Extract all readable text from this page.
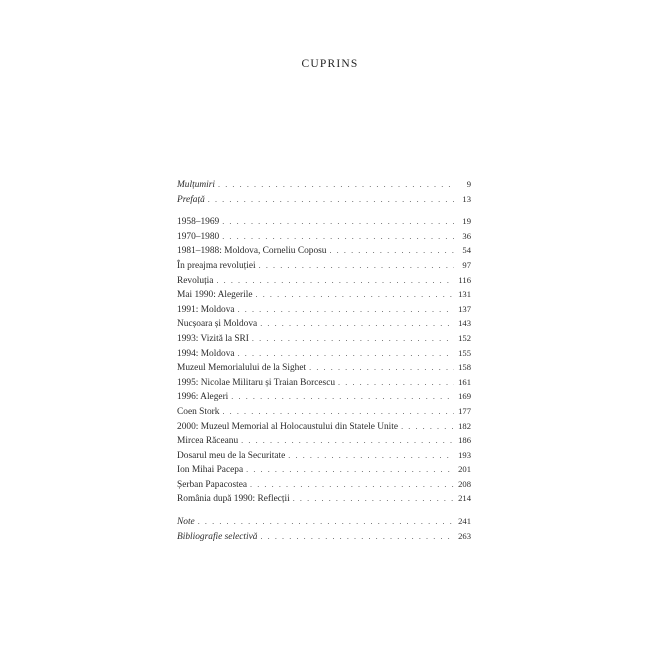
CUPRINS
Mulțumiri . . .	9
Prefață . . .	13
1958–1969 . . .	19
1970–1980 . . .	36
1981–1988: Moldova, Corneliu Coposu . . .	54
În preajma revoluției . . .	97
Revoluția . . .	116
Mai 1990: Alegerile . . .	131
1991: Moldova . . .	137
Nucșoara și Moldova . . .	143
1993: Vizită la SRI . . .	152
1994: Moldova . . .	155
Muzeul Memorialului de la Sighet . . .	158
1995: Nicolae Militaru și Traian Borcescu . . .	161
1996: Alegeri . . .	169
Coen Stork . . .	177
2000: Muzeul Memorial al Holocaustului din Statele Unite . . .	182
Mircea Răceanu . . .	186
Dosarul meu de la Securitate . . .	193
Ion Mihai Pacepa . . .	201
Șerban Papacostea . . .	208
România după 1990: Reflecții . . .	214
Note . . .	241
Bibliografie selectivă . . .	263
